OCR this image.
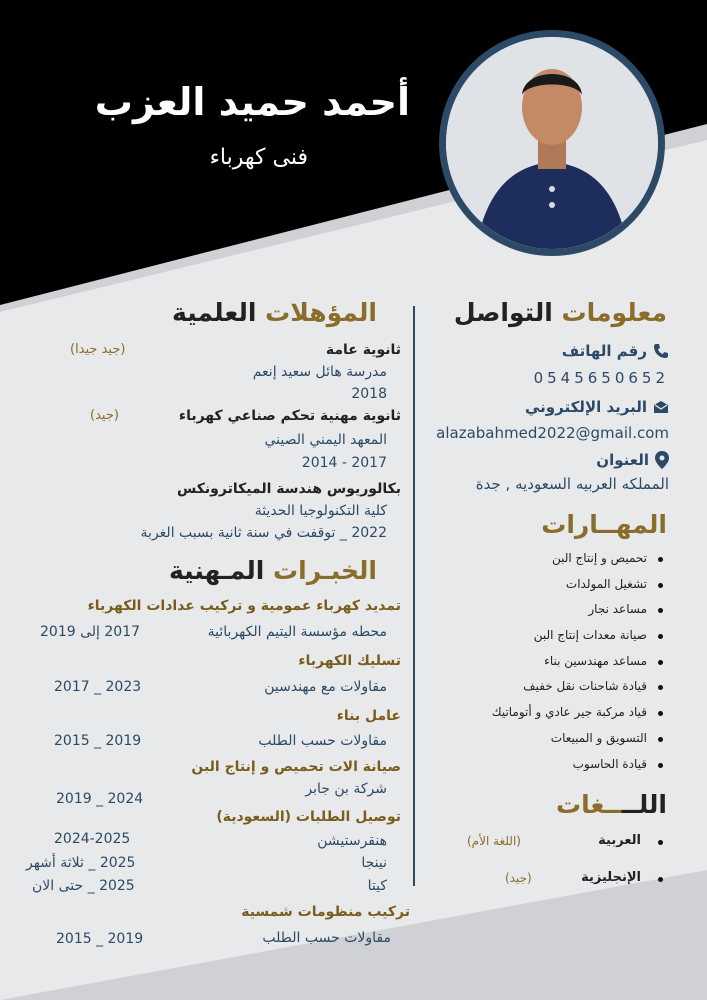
أحمد حميد العزب
فنى كهرباء
معلومات التواصل
رقم الهاتف
0545650652
البريد الإلكتروني
alazabahmed2022@gmail.com
العنوان
المملكه العربيه السعوديه , جدة
المهــارات
تحميص و إنتاج البن
تشغيل المولدات
مساعد نجار
صيانة معدات إنتاج البن
مساعد مهندسين بناء
قيادة شاحنات نقل خفيف
قياد مركبة جير عادي و أتوماتيك
التسويق و المبيعات
قيادة الحاسوب
اللــــغات
العربية
(اللغة الأم)
الإنجليزية
(جيد)
المؤهلات العلمية
ثانوية عامة
(جيد جيدا)
مدرسة هائل سعيد إنعم
2018
ثانوية مهنية تحكم صناعي كهرباء
(جيد)
المعهد اليمني الصيني
2014 - 2017
بكالوريوس هندسة الميكاترونكس
كلية التكنولوجيا الحديثة
2022 _ توقفت في سنة ثانية بسبب الغربة
الخبـرات المـهنية
تمديد كهرباء عمومية و تركيب عدادات الكهرباء
محطه مؤسسة اليتيم الكهربائية
2017 إلى 2019
تسليك الكهرباء
مقاولات مع مهندسين
2017 _ 2023
عامل بناء
مقاولات حسب الطلب
2015 _ 2019
صيانة الات تحميص و إنتاج البن
شركة بن جابر
2019 _ 2024
توصيل الطلبات (السعودية)
هنقرستيشن
2024-2025
نينجا
2025 _ ثلاثة أشهر
كيتا
2025 _ حتى الان
تركيب منظومات شمسية
مقاولات حسب الطلب
2015 _ 2019
